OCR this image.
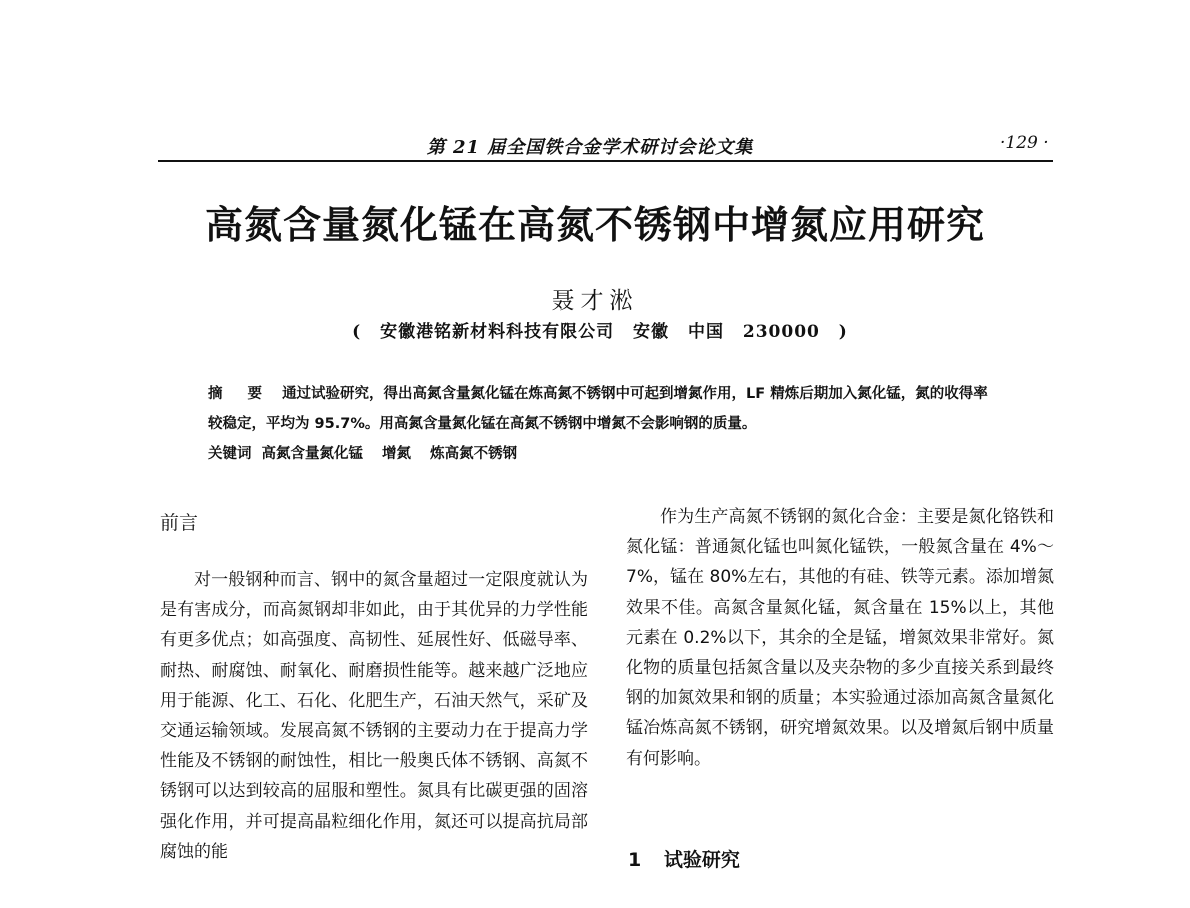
第 21 届全国铁合金学术研讨会论文集	·129 ·
高氮含量氮化锰在高氮不锈钢中增氮应用研究
聂才淞
( 安徽港铭新材料科技有限公司 安徽 中国 230000 )
摘 要 通过试验研究，得出高氮含量氮化锰在炼高氮不锈钢中可起到增氮作用，LF 精炼后期加入氮化锰，氮的收得率较稳定，平均为 95.7%。用高氮含量氮化锰在高氮不锈钢中增氮不会影响钢的质量。
关键词 高氮含量氮化锰 增氮 炼高氮不锈钢
前言

对一般钢种而言、钢中的氮含量超过一定限度就认为是有害成分，而高氮钢却非如此，由于其优异的力学性能有更多优点；如高强度、高韧性、延展性好、低磁导率、耐热、耐腐蚀、耐氧化、耐磨损性能等。越来越广泛地应用于能源、化工、石化、化肥生产，石油天然气，采矿及交通运输领域。发展高氮不锈钢的主要动力在于提高力学性能及不锈钢的耐蚀性，相比一般奥氏体不锈钢、高氮不锈钢可以达到较高的屈服和塑性。氮具有比碳更强的固溶强化作用，并可提高晶粒细化作用，氮还可以提高抗局部腐蚀的能

作为生产高氮不锈钢的氮化合金：主要是氮化铬铁和氮化锰：普通氮化锰也叫氮化锰铁，一般氮含量在 4%～7%，锰在 80%左右，其他的有硅、铁等元素。添加增氮效果不佳。高氮含量氮化锰，氮含量在 15%以上，其他元素在 0.2%以下，其余的全是锰，增氮效果非常好。氮化物的质量包括氮含量以及夹杂物的多少直接关系到最终钢的加氮效果和钢的质量；本实验通过添加高氮含量氮化锰冶炼高氮不锈钢，研究增氮效果。以及增氮后钢中质量有何影响。

1 试验研究
